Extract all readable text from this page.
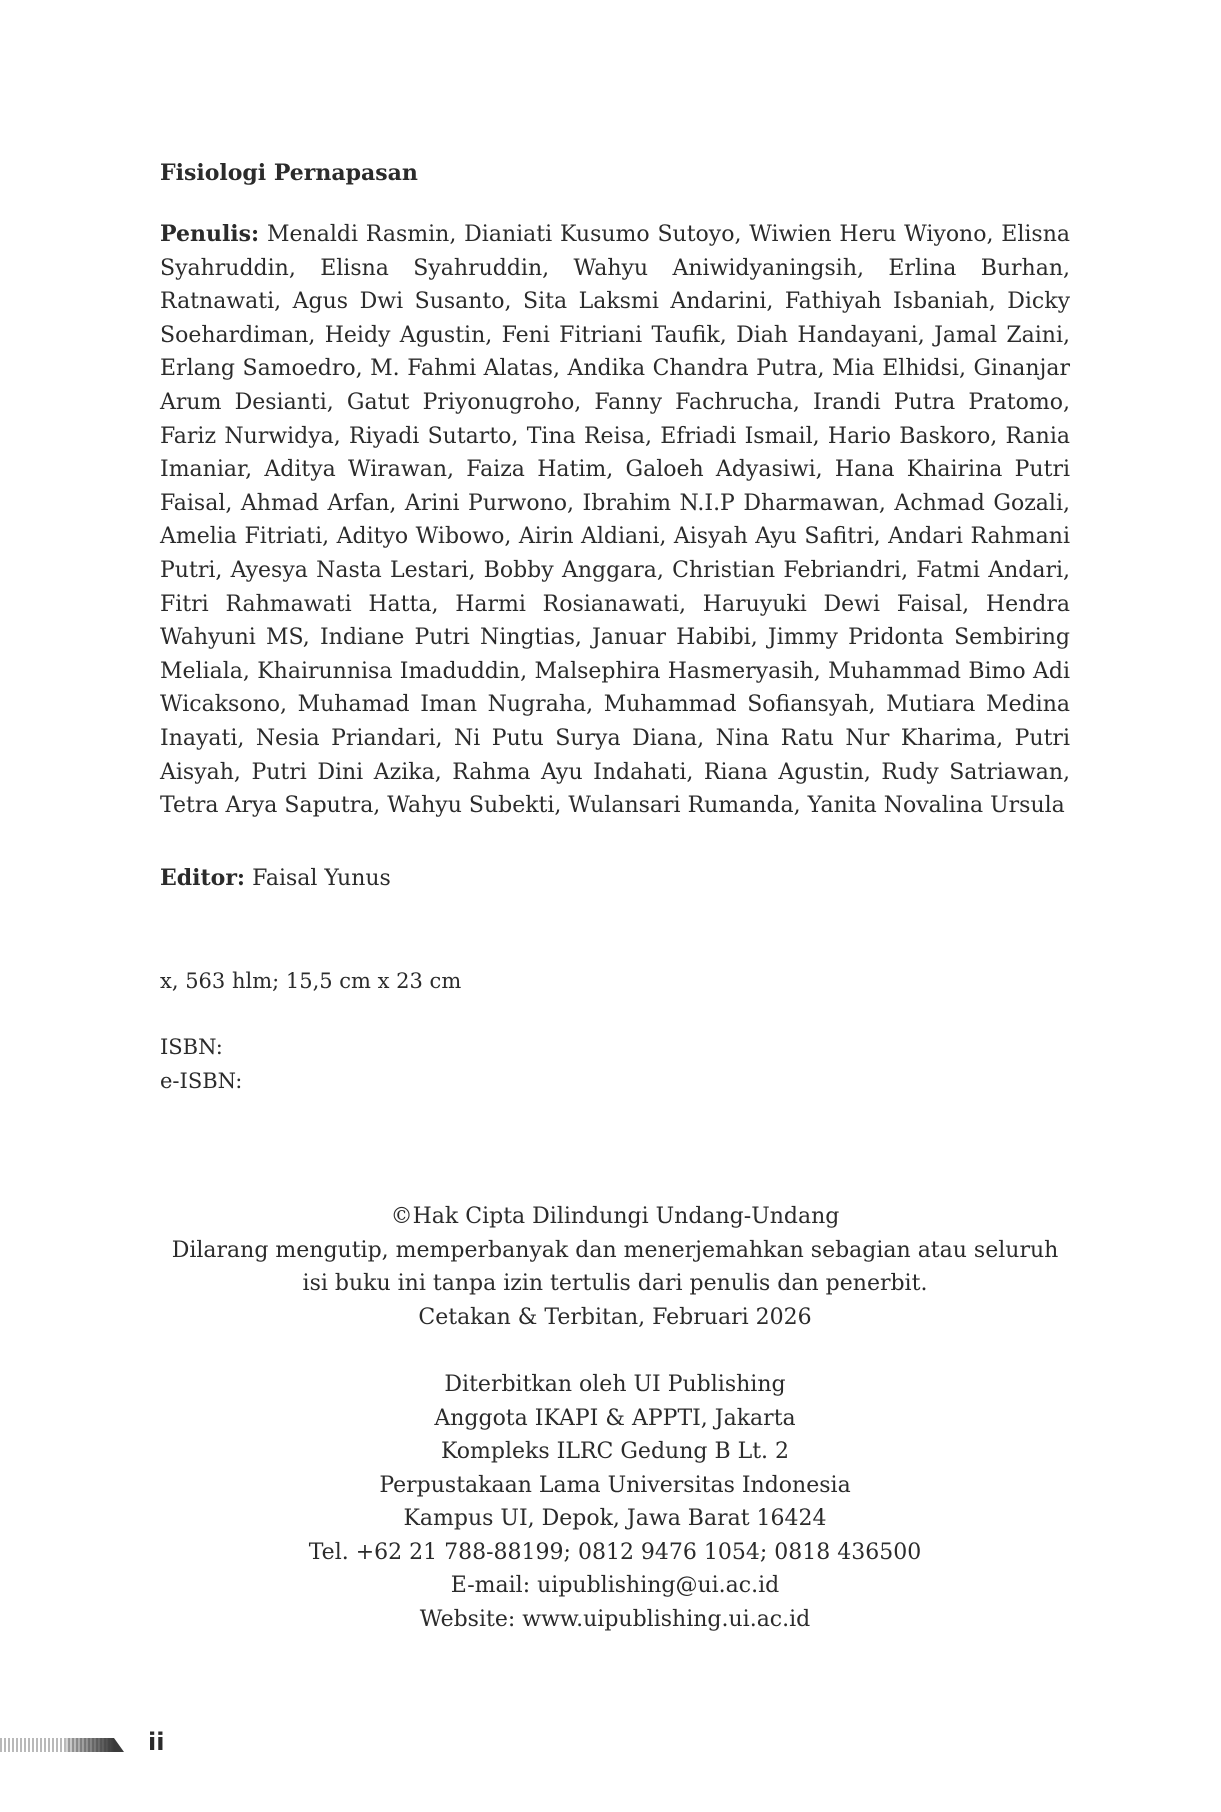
Fisiologi Pernapasan

Penulis: Menaldi Rasmin, Dianiati Kusumo Sutoyo, Wiwien Heru Wiyono, Elisna Syahruddin, Elisna Syahruddin, Wahyu Aniwidyaningsih, Erlina Burhan, Ratnawati, Agus Dwi Susanto, Sita Laksmi Andarini, Fathiyah Isbaniah, Dicky Soehardiman, Heidy Agustin, Feni Fitriani Taufik, Diah Handayani, Jamal Zaini, Erlang Samoedro, M. Fahmi Alatas, Andika Chandra Putra, Mia Elhidsi, Ginanjar Arum Desianti, Gatut Priyonugroho, Fanny Fachrucha, Irandi Putra Pratomo, Fariz Nurwidya, Riyadi Sutarto, Tina Reisa, Efriadi Ismail, Hario Baskoro, Rania Imaniar, Aditya Wirawan, Faiza Hatim, Galoeh Adyasiwi, Hana Khairina Putri Faisal, Ahmad Arfan, Arini Purwono, Ibrahim N.I.P Dharmawan, Achmad Gozali, Amelia Fitriati, Adityo Wibowo, Airin Aldiani, Aisyah Ayu Safitri, Andari Rahmani Putri, Ayesya Nasta Lestari, Bobby Anggara, Christian Febriandri, Fatmi Andari, Fitri Rahmawati Hatta, Harmi Rosianawati, Haruyuki Dewi Faisal, Hendra Wahyuni MS, Indiane Putri Ningtias, Januar Habibi, Jimmy Pridonta Sembiring Meliala, Khairunnisa Imaduddin, Malsephira Hasmeryasih, Muhammad Bimo Adi Wicaksono, Muhamad Iman Nugraha, Muhammad Sofiansyah, Mutiara Medina Inayati, Nesia Priandari, Ni Putu Surya Diana, Nina Ratu Nur Kharima, Putri Aisyah, Putri Dini Azika, Rahma Ayu Indahati, Riana Agustin, Rudy Satriawan, Tetra Arya Saputra, Wahyu Subekti, Wulansari Rumanda, Yanita Novalina Ursula

Editor: Faisal Yunus

x, 563 hlm; 15,5 cm x 23 cm

ISBN:
e-ISBN:
©Hak Cipta Dilindungi Undang-Undang
Dilarang mengutip, memperbanyak dan menerjemahkan sebagian atau seluruh
isi buku ini tanpa izin tertulis dari penulis dan penerbit.
Cetakan & Terbitan, Februari 2026
Diterbitkan oleh UI Publishing
Anggota IKAPI & APPTI, Jakarta
Kompleks ILRC Gedung B Lt. 2
Perpustakaan Lama Universitas Indonesia
Kampus UI, Depok, Jawa Barat 16424
Tel. +62 21 788-88199; 0812 9476 1054; 0818 436500
E-mail: uipublishing@ui.ac.id
Website: www.uipublishing.ui.ac.id
ii
